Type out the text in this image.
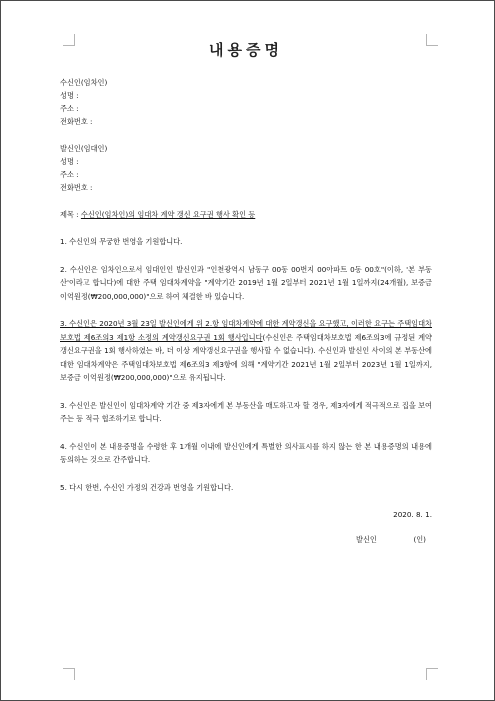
내용증명
수신인(임차인)
성명 :
주소 :
전화번호 :
발신인(임대인)
성명 :
주소 :
전화번호 :
제목 : 수신인(임차인)의 임대차 계약 갱신 요구권 행사 확인 등

1. 수신인의 무궁한 번영을 기원합니다.

2. 수신인은 임차인으로서 임대인인 발신인과 "인천광역시 남동구 00동 00번지 00아파트 0동 00호"(이하, '본 부동산'이라고 합니다)에 대한 주택 임대차계약을 "계약기간 2019년 1월 2일부터 2021년 1월 1일까지(24개월), 보증금 이억원정(₩200,000,000)"으로 하여 체결한 바 있습니다.

3. 수신인은 2020년 3월 23일 발신인에게 위 2.항 임대차계약에 대한 계약갱신을 요구했고, 이러한 요구는 주택임대차보호법 제6조의3 제1항 소정의 계약갱신요구권 1회 행사입니다(수신인은 주택임대차보호법 제6조의3에 규정된 계약갱신요구권을 1회 행사하였는 바, 더 이상 계약갱신요구권을 행사할 수 없습니다). 수신인과 발신인 사이의 본 부동산에 대한 임대차계약은 주택임대차보호법 제6조의3 제3항에 의해 "계약기간 2021년 1월 2일부터 2023년 1월 1일까지, 보증금 이억원정(₩200,000,000)"으로 유지됩니다.

3. 수신인은 발신인이 임대차계약 기간 중 제3자에게 본 부동산을 매도하고자 할 경우, 제3자에게 적극적으로 집을 보여 주는 등 적극 협조하기로 합니다.

4. 수신인이 본 내용증명을 수령한 후 1개월 이내에 발신인에게 특별한 의사표시를 하지 않는 한 본 내용증명의 내용에 동의하는 것으로 간주합니다.

5. 다시 한번, 수신인 가정의 건강과 번영을 기원합니다.

2020. 8. 1.
발신인	(인)
